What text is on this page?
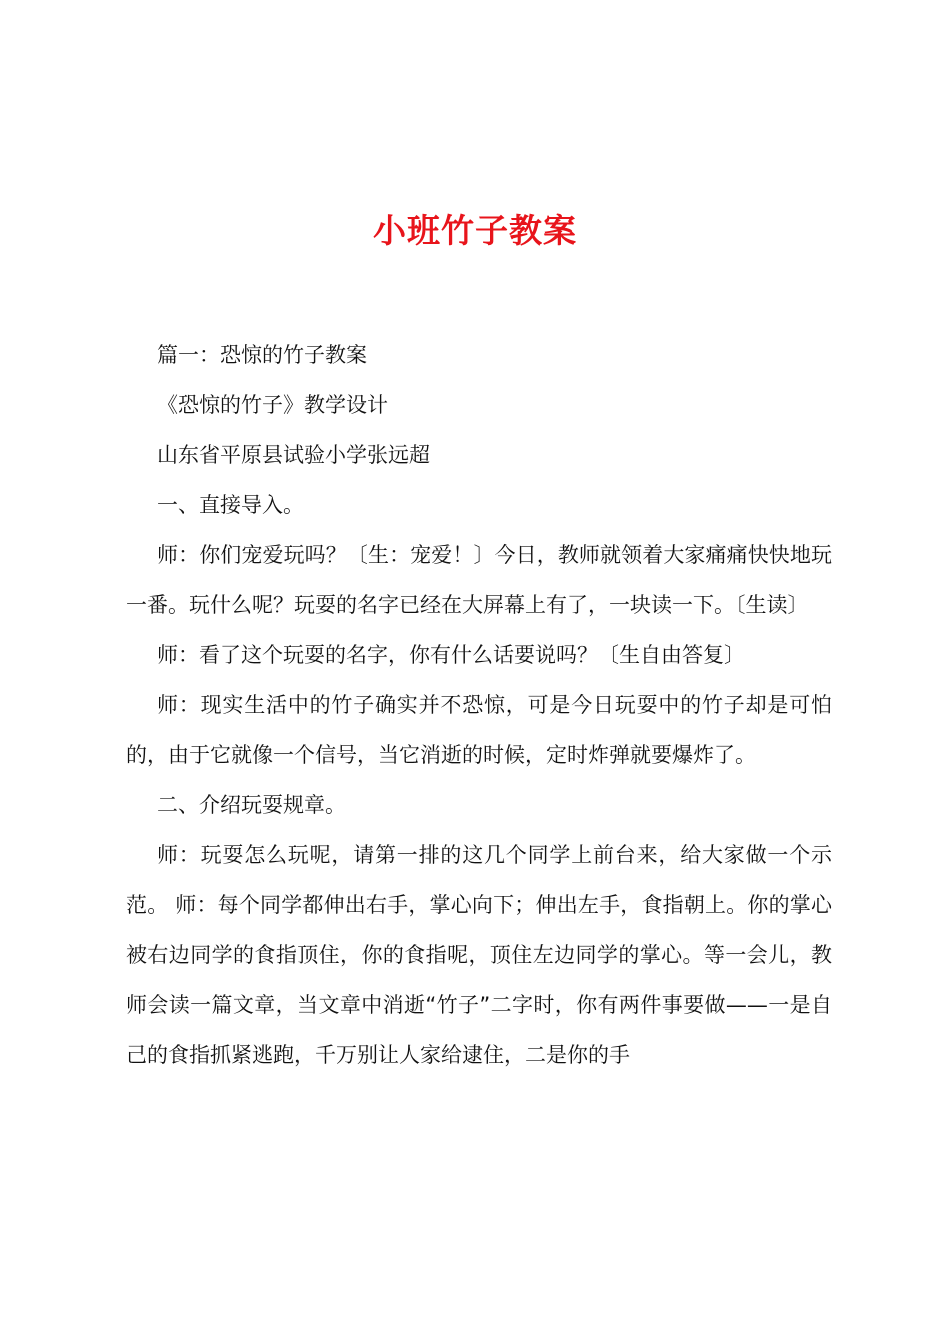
小班竹子教案

篇一：恐惊的竹子教案

《恐惊的竹子》教学设计

山东省平原县试验小学张远超

一、直接导入。

师：你们宠爱玩吗？〔生：宠爱！〕今日，教师就领着大家痛痛快快地玩一番。玩什么呢？玩耍的名字已经在大屏幕上有了，一块读一下。〔生读〕

师：看了这个玩耍的名字，你有什么话要说吗？〔生自由答复〕

师：现实生活中的竹子确实并不恐惊，可是今日玩耍中的竹子却是可怕的，由于它就像一个信号，当它消逝的时候，定时炸弹就要爆炸了。

二、介绍玩耍规章。

师：玩耍怎么玩呢，请第一排的这几个同学上前台来，给大家做一个示范。 师：每个同学都伸出右手，掌心向下；伸出左手，食指朝上。你的掌心被右边同学的食指顶住，你的食指呢，顶住左边同学的掌心。等一会儿，教师会读一篇文章，当文章中消逝“竹子”二字时，你有两件事要做——一是自己的食指抓紧逃跑，千万别让人家给逮住，二是你的手
